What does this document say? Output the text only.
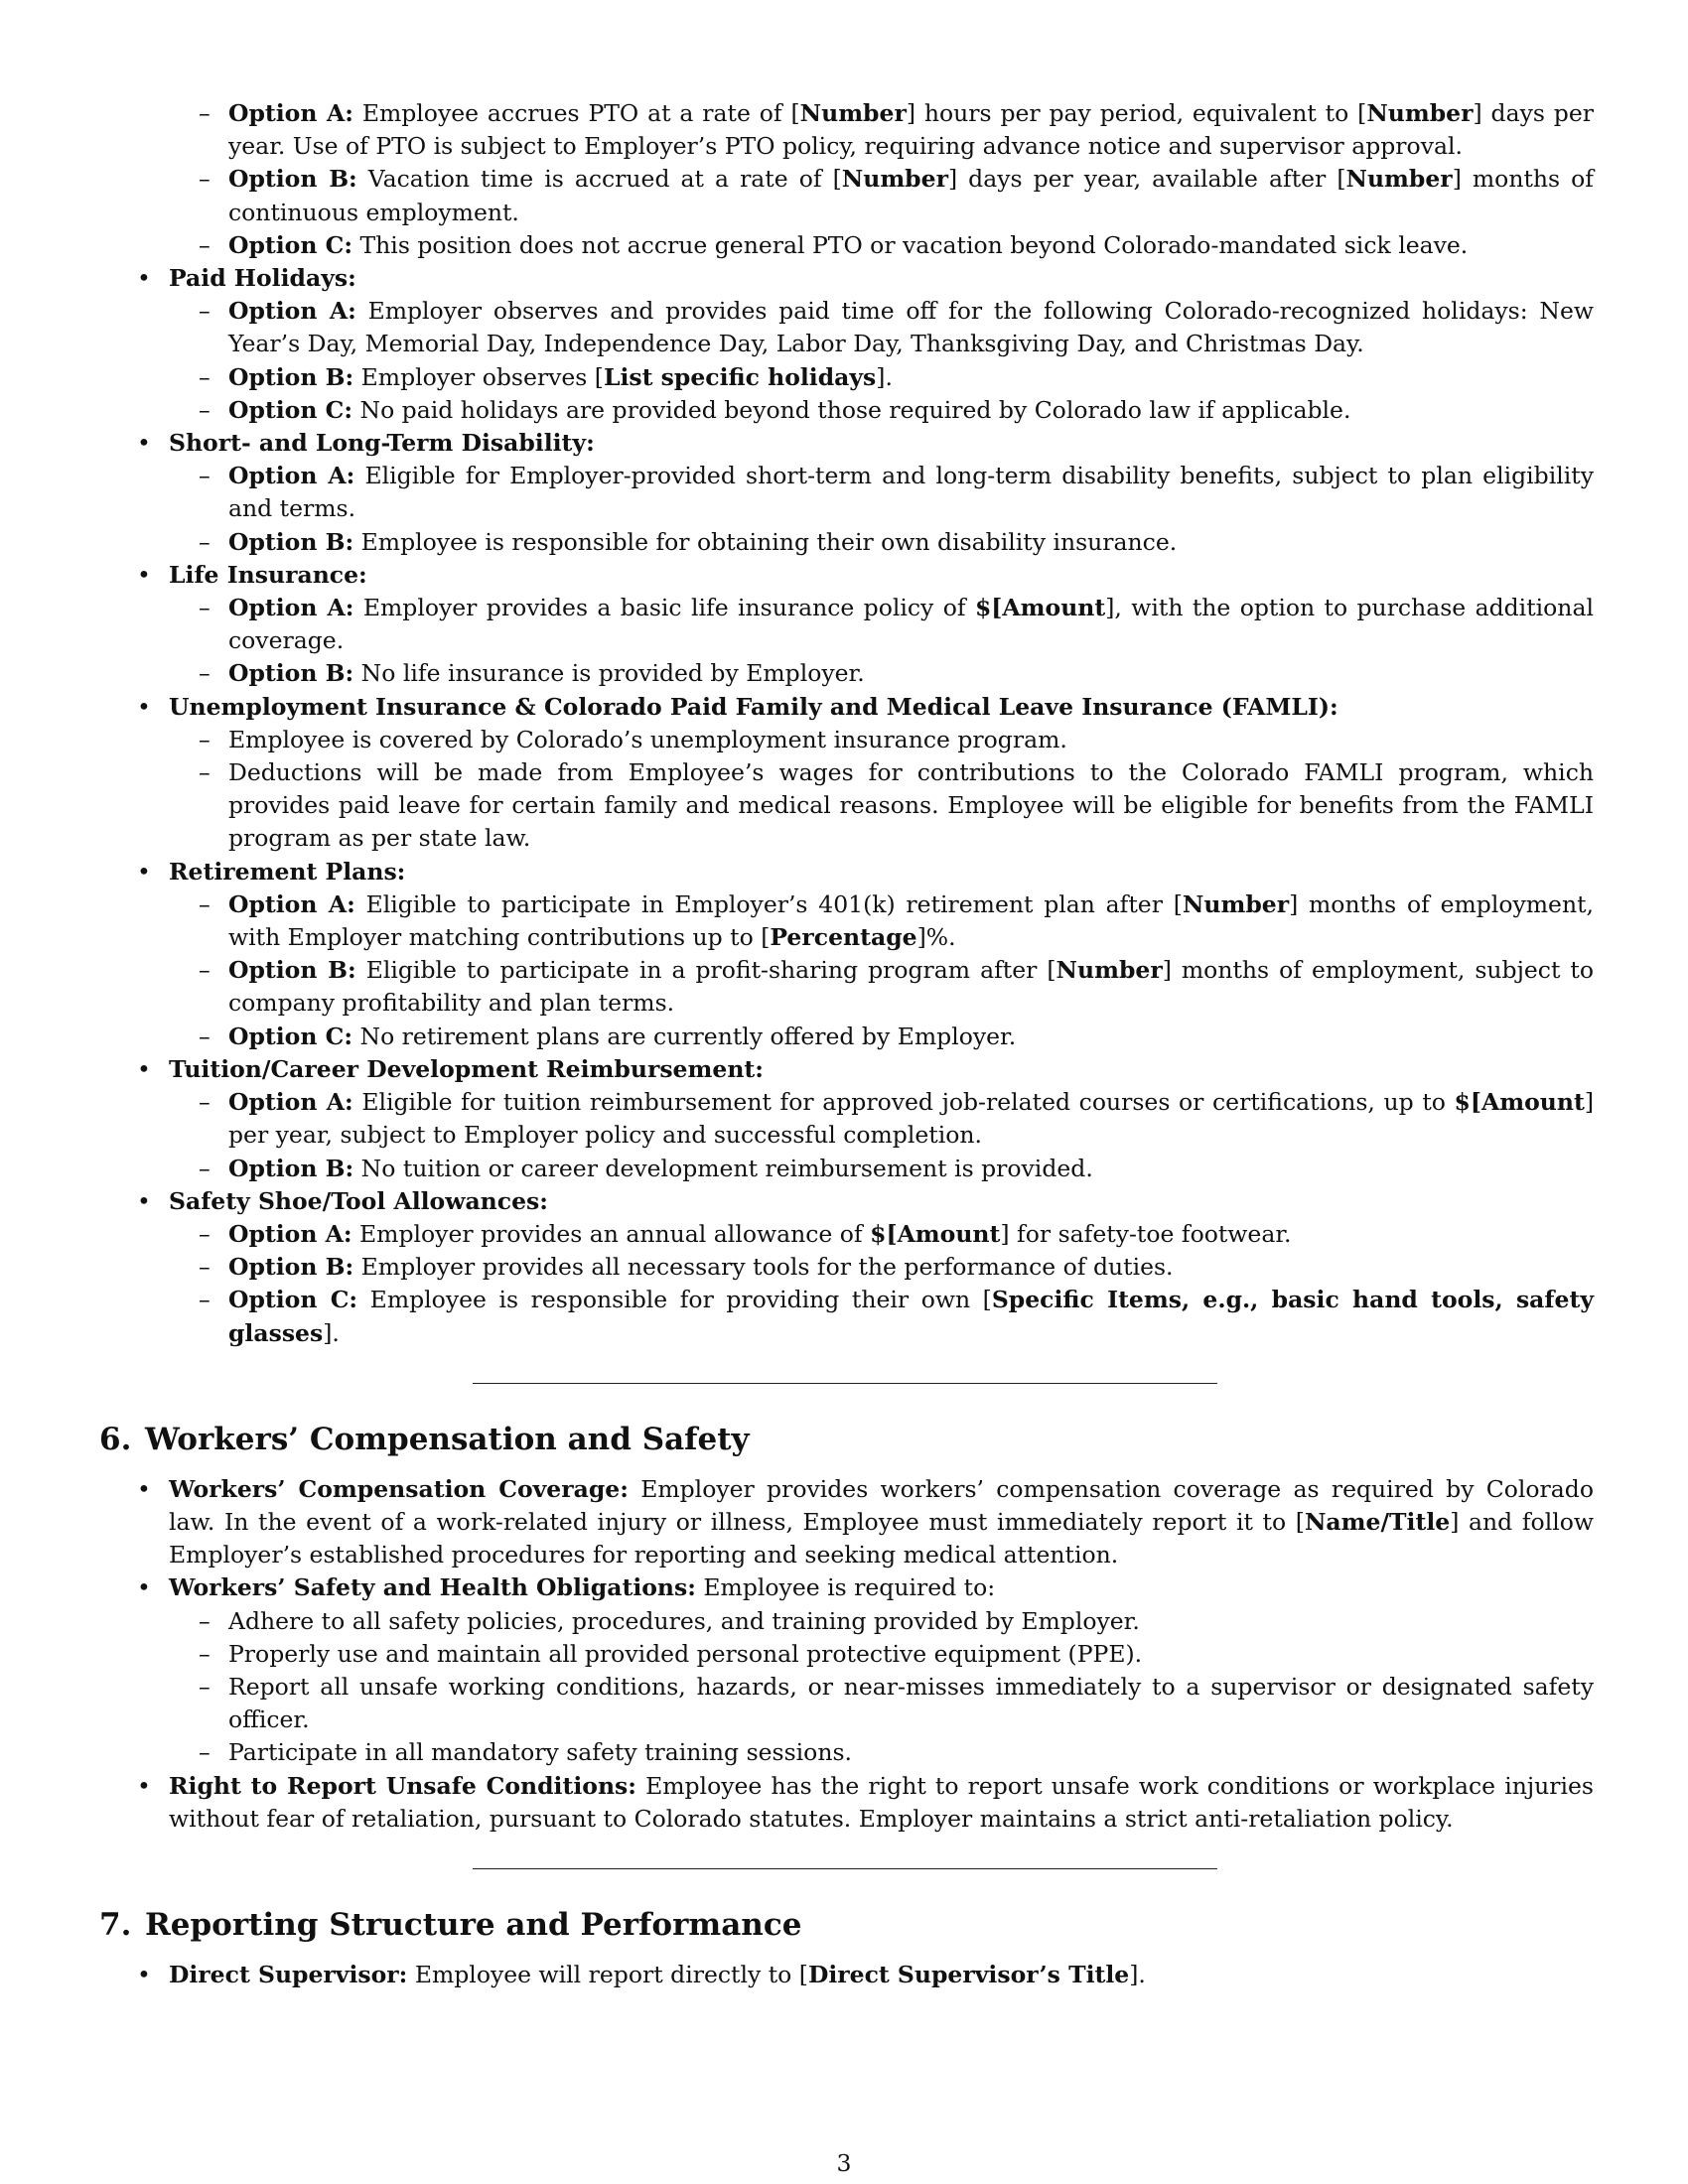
– Option A: Employee accrues PTO at a rate of [Number] hours per pay period, equivalent to [Number] days per year. Use of PTO is subject to Employer’s PTO policy, requiring advance notice and supervisor approval.
– Option B: Vacation time is accrued at a rate of [Number] days per year, available after [Number] months of continuous employment.
– Option C: This position does not accrue general PTO or vacation beyond Colorado-mandated sick leave.
• Paid Holidays:
– Option A: Employer observes and provides paid time off for the following Colorado-recognized holidays: New Year’s Day, Memorial Day, Independence Day, Labor Day, Thanksgiving Day, and Christmas Day.
– Option B: Employer observes [List specific holidays].
– Option C: No paid holidays are provided beyond those required by Colorado law if applicable.
• Short- and Long-Term Disability:
– Option A: Eligible for Employer-provided short-term and long-term disability benefits, subject to plan eligibility and terms.
– Option B: Employee is responsible for obtaining their own disability insurance.
• Life Insurance:
– Option A: Employer provides a basic life insurance policy of $[Amount], with the option to purchase additional coverage.
– Option B: No life insurance is provided by Employer.
• Unemployment Insurance & Colorado Paid Family and Medical Leave Insurance (FAMLI):
– Employee is covered by Colorado’s unemployment insurance program.
– Deductions will be made from Employee’s wages for contributions to the Colorado FAMLI program, which provides paid leave for certain family and medical reasons. Employee will be eligible for benefits from the FAMLI program as per state law.
• Retirement Plans:
– Option A: Eligible to participate in Employer’s 401(k) retirement plan after [Number] months of employment, with Employer matching contributions up to [Percentage]%.
– Option B: Eligible to participate in a profit-sharing program after [Number] months of employment, subject to company profitability and plan terms.
– Option C: No retirement plans are currently offered by Employer.
• Tuition/Career Development Reimbursement:
– Option A: Eligible for tuition reimbursement for approved job-related courses or certifications, up to $[Amount] per year, subject to Employer policy and successful completion.
– Option B: No tuition or career development reimbursement is provided.
• Safety Shoe/Tool Allowances:
– Option A: Employer provides an annual allowance of $[Amount] for safety-toe footwear.
– Option B: Employer provides all necessary tools for the performance of duties.
– Option C: Employee is responsible for providing their own [Specific Items, e.g., basic hand tools, safety glasses].
6. Workers’ Compensation and Safety
• Workers’ Compensation Coverage: Employer provides workers’ compensation coverage as required by Colorado law. In the event of a work-related injury or illness, Employee must immediately report it to [Name/Title] and follow Employer’s established procedures for reporting and seeking medical attention.
• Workers’ Safety and Health Obligations: Employee is required to:
– Adhere to all safety policies, procedures, and training provided by Employer.
– Properly use and maintain all provided personal protective equipment (PPE).
– Report all unsafe working conditions, hazards, or near-misses immediately to a supervisor or designated safety officer.
– Participate in all mandatory safety training sessions.
• Right to Report Unsafe Conditions: Employee has the right to report unsafe work conditions or workplace injuries without fear of retaliation, pursuant to Colorado statutes. Employer maintains a strict anti-retaliation policy.
7. Reporting Structure and Performance
• Direct Supervisor: Employee will report directly to [Direct Supervisor’s Title].
3
